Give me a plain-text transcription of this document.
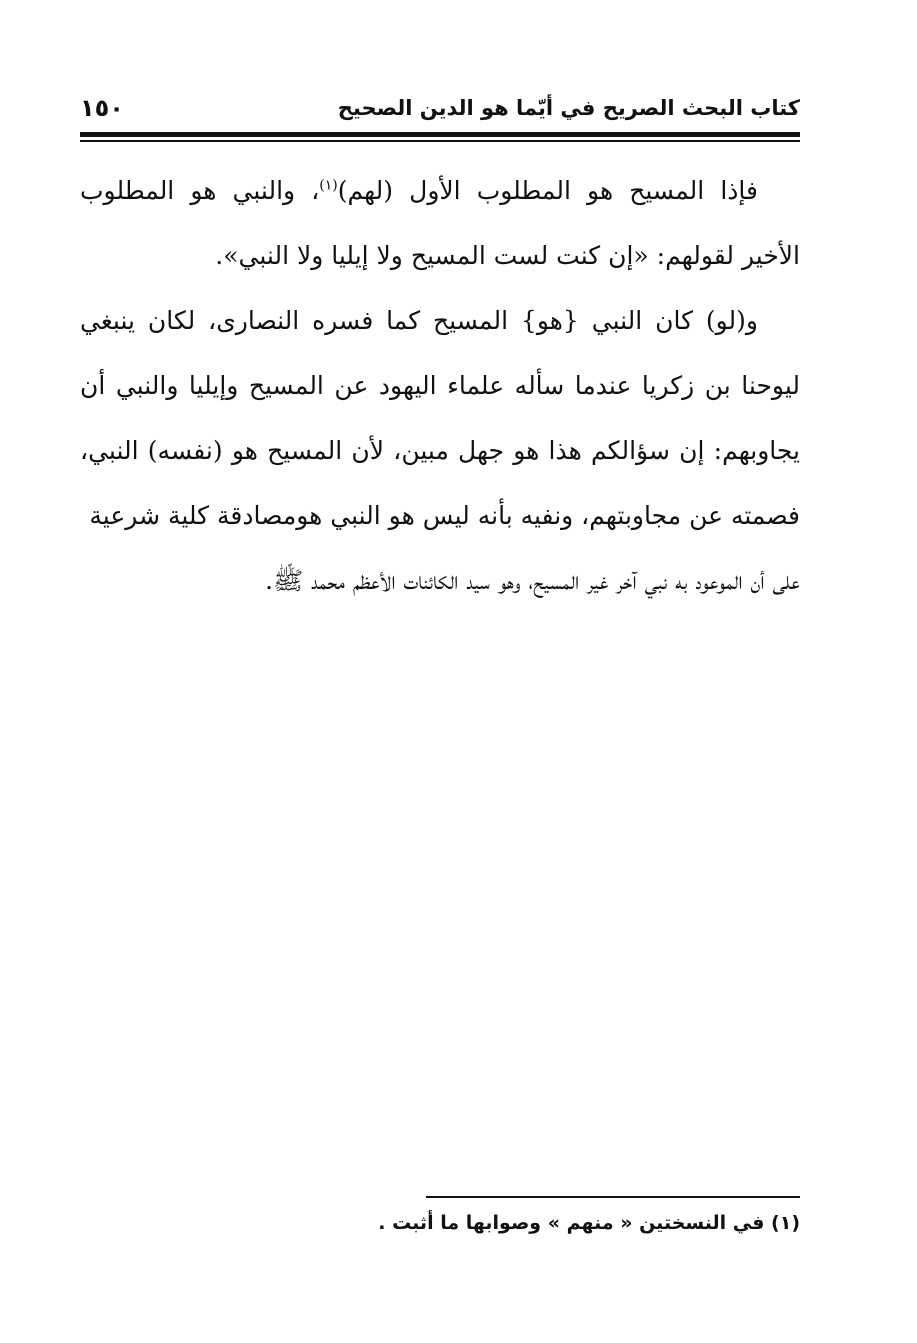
كتاب البحث الصريح في أيّما هو الدين الصحيح
١٥٠

فإذا المسيح هو المطلوب الأول (لهم)$^{(١)}$، والنبي هو المطلوب الأخير لقولهم: «إن كنت لست المسيح ولا إيليا ولا النبي».

و(لو) كان النبي {هو} المسيح كما فسره النصارى، لكان ينبغي ليوحنا بن زكريا عندما سأله علماء اليهود عن المسيح وإيليا والنبي أن يجاوبهم: إن سؤالكم هذا هو جهل مبين، لأن المسيح هو (نفسه) النبي، فصمته عن مجاوبتهم، ونفيه بأنه ليس هو النبي هومصادقة كلية شرعية
على أن الموعود به نبي آخر غير المسيح، وهو سيد الكائنات الأعظم محمد ﷺ.

(١) في النسختين « منهم » وصوابها ما أثبت .
